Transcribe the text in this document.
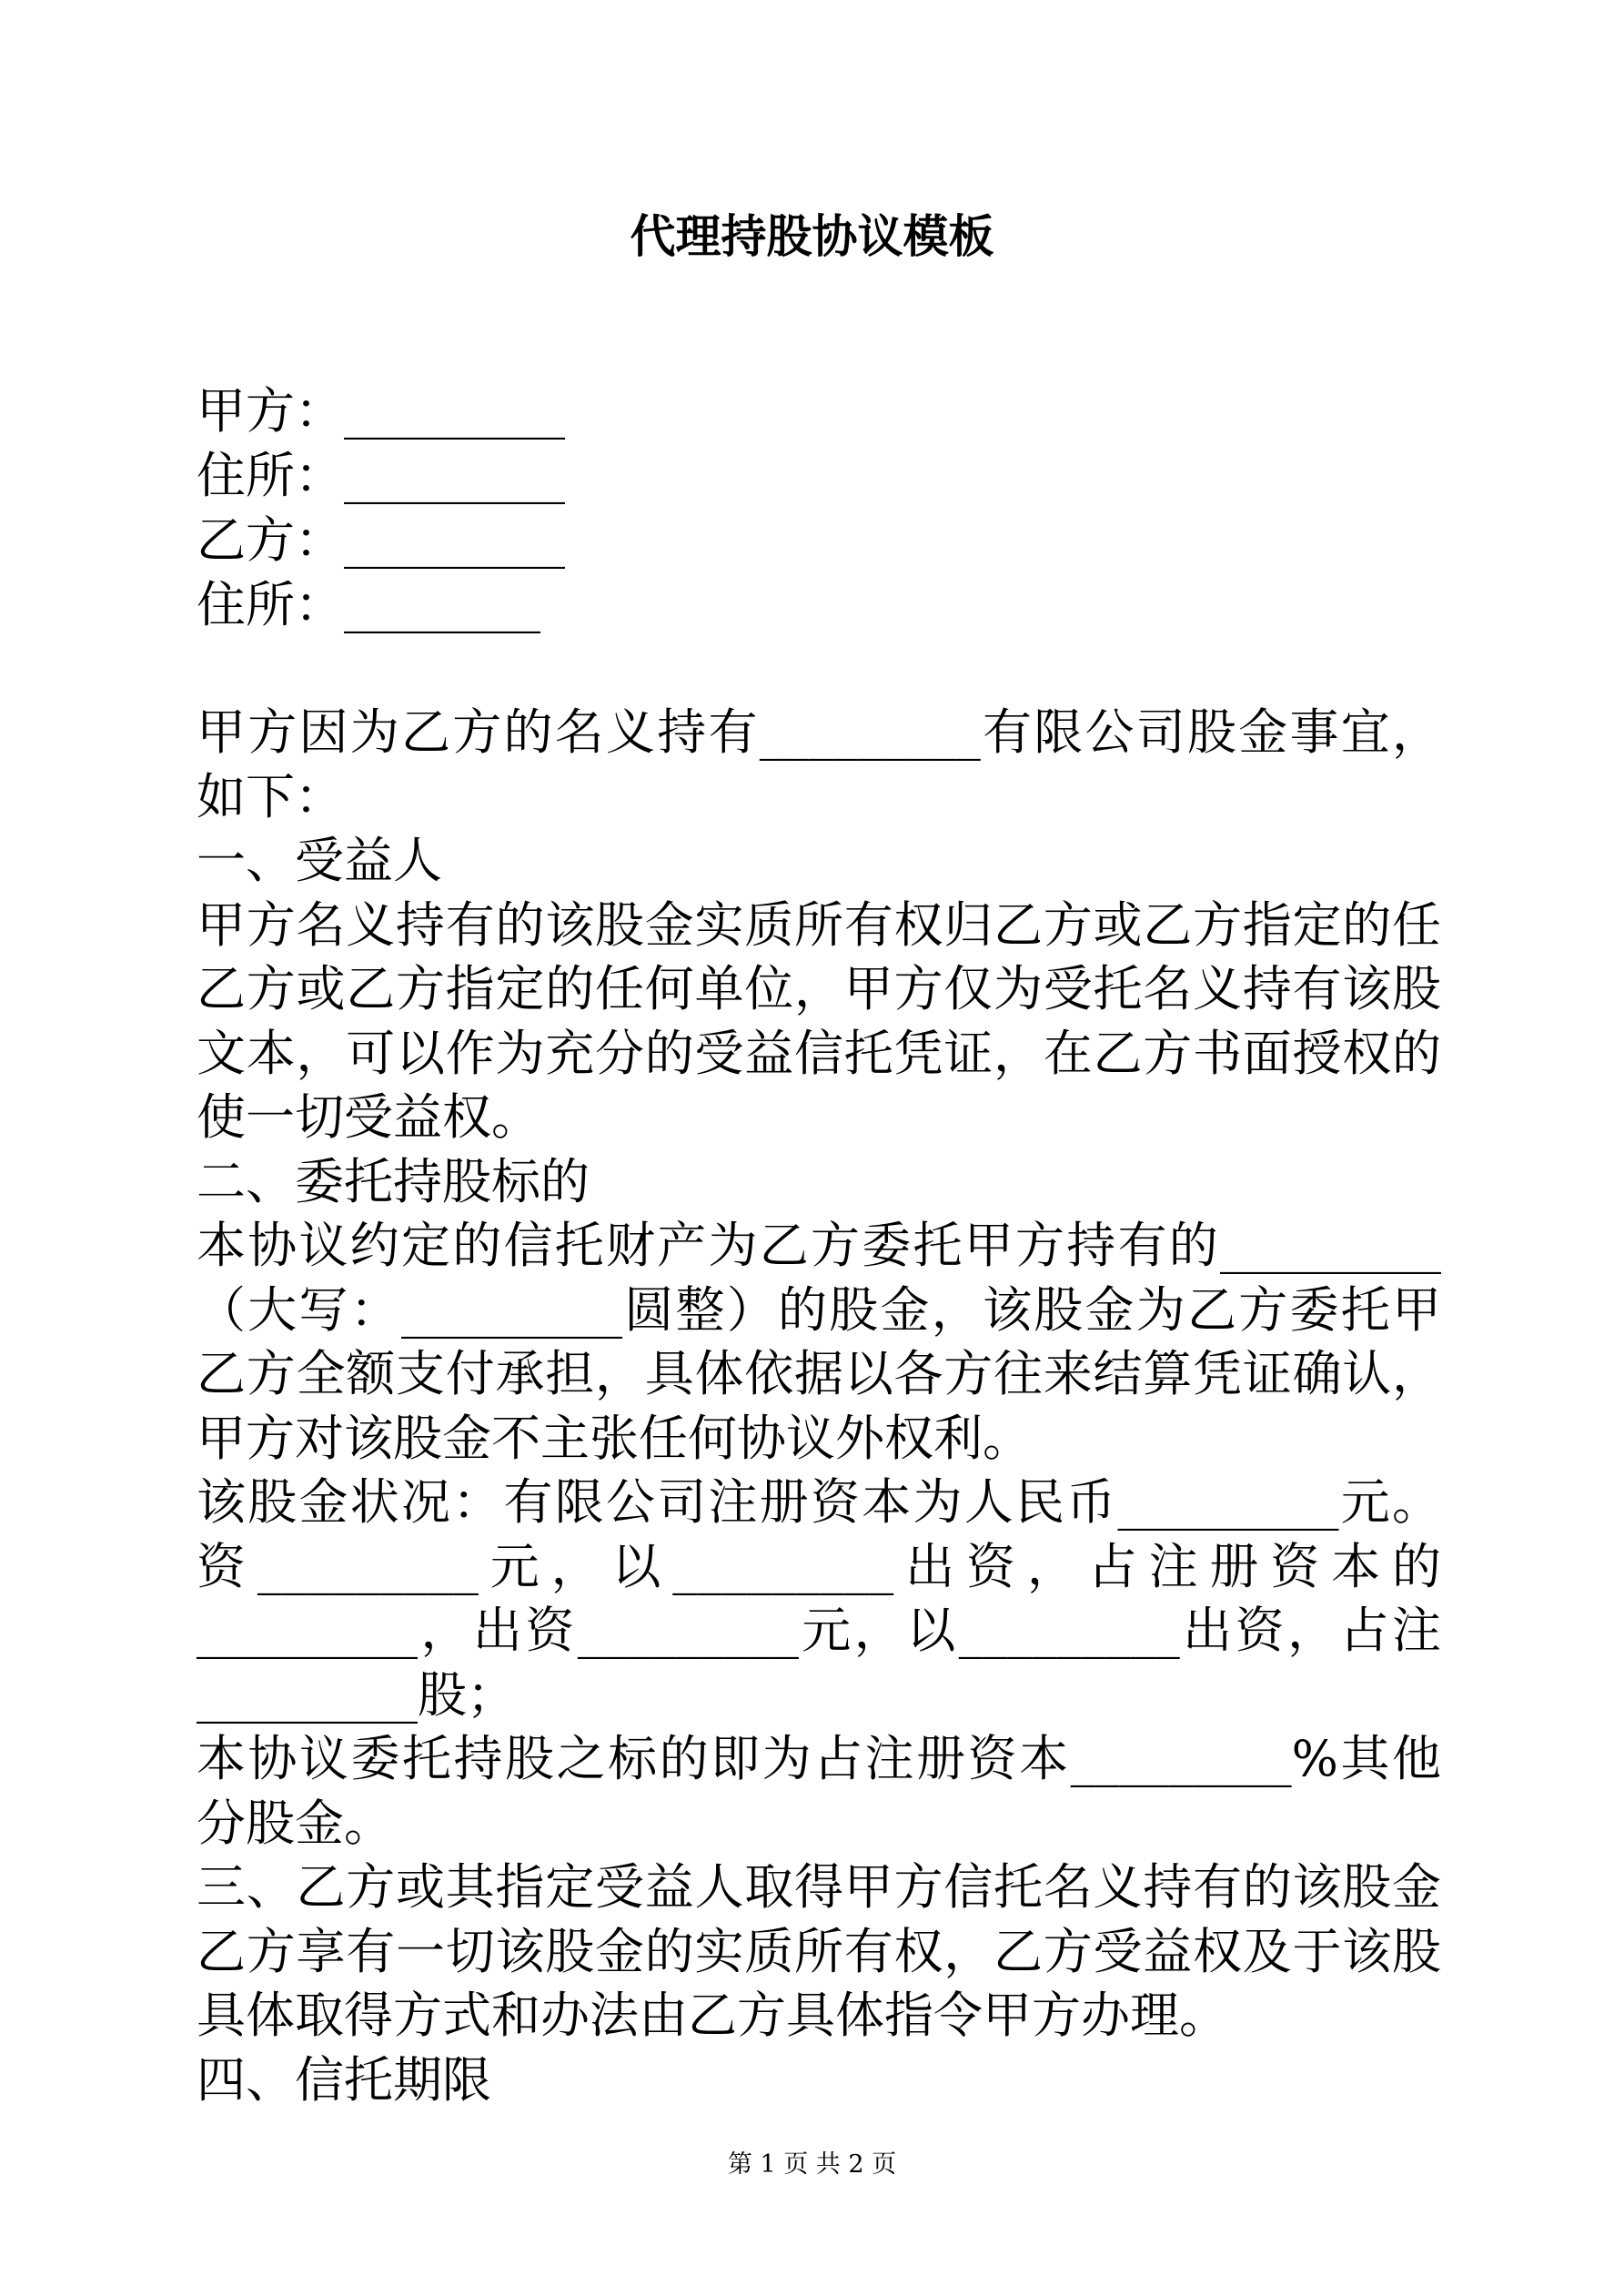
代理持股协议模板
甲方：_________
住所：_________
乙方：_________
住所：________
甲方因为乙方的名义持有_________有限公司股金事宜，
如下：
一、受益人
甲方名义持有的该股金实质所有权归乙方或乙方指定的任
乙方或乙方指定的任何单位，甲方仅为受托名义持有该股
文本，可以作为充分的受益信托凭证，在乙方书面授权的
使一切受益权。
二、委托持股标的
本协议约定的信托财产为乙方委托甲方持有的_________
（大写：_________圆整）的股金，该股金为乙方委托甲
乙方全额支付承担，具体依据以各方往来结算凭证确认，
甲方对该股金不主张任何协议外权利。
该股金状况：有限公司注册资本为人民币_________元。
资_________元，以_________出资，占注册资本的
_________，出资_________元，以_________出资，占注
_________股；
本协议委托持股之标的即为占注册资本_________%其他
分股金。
三、乙方或其指定受益人取得甲方信托名义持有的该股金
乙方享有一切该股金的实质所有权，乙方受益权及于该股
具体取得方式和办法由乙方具体指令甲方办理。
四、信托期限
第 1 页 共 2 页
